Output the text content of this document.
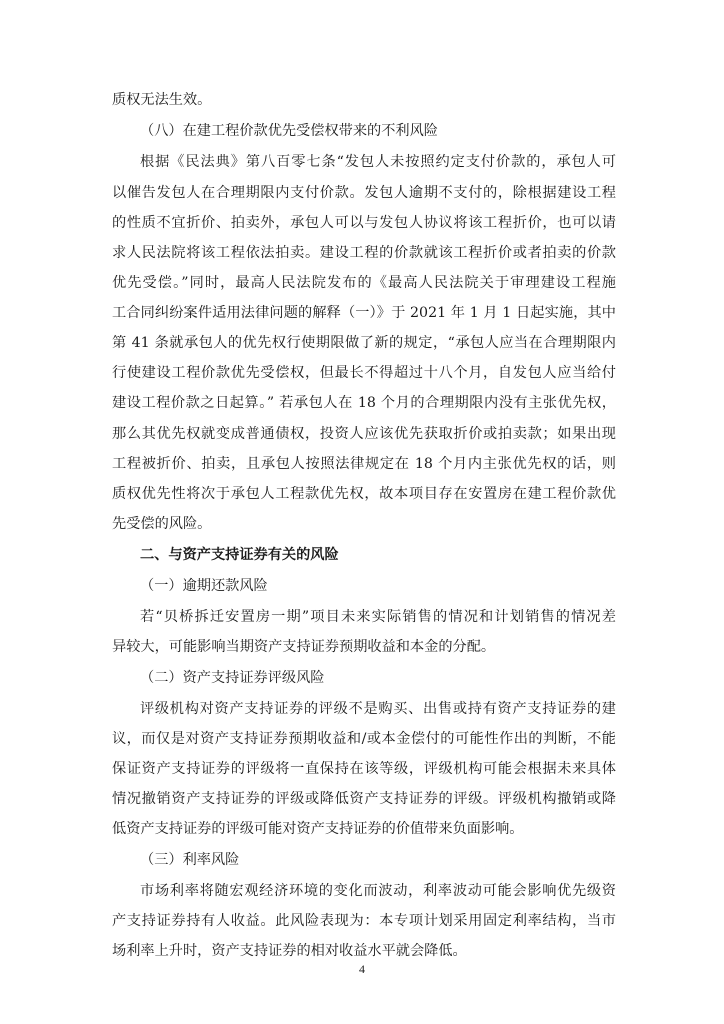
质权无法生效。
（八）在建工程价款优先受偿权带来的不利风险
根据《民法典》第八百零七条“发包人未按照约定支付价款的，承包人可
以催告发包人在合理期限内支付价款。发包人逾期不支付的，除根据建设工程
的性质不宜折价、拍卖外，承包人可以与发包人协议将该工程折价，也可以请
求人民法院将该工程依法拍卖。建设工程的价款就该工程折价或者拍卖的价款
优先受偿。”同时，最高人民法院发布的《最高人民法院关于审理建设工程施
工合同纠纷案件适用法律问题的解释（一）》于 2021 年 1 月 1 日起实施，其中
第 41 条就承包人的优先权行使期限做了新的规定，“承包人应当在合理期限内
行使建设工程价款优先受偿权，但最长不得超过十八个月，自发包人应当给付
建设工程价款之日起算。” 若承包人在 18 个月的合理期限内没有主张优先权，
那么其优先权就变成普通债权，投资人应该优先获取折价或拍卖款；如果出现
工程被折价、拍卖，且承包人按照法律规定在 18 个月内主张优先权的话，则
质权优先性将次于承包人工程款优先权，故本项目存在安置房在建工程价款优
先受偿的风险。
二、与资产支持证券有关的风险
（一）逾期还款风险
若“贝桥拆迁安置房一期”项目未来实际销售的情况和计划销售的情况差
异较大，可能影响当期资产支持证券预期收益和本金的分配。
（二）资产支持证券评级风险
评级机构对资产支持证券的评级不是购买、出售或持有资产支持证券的建
议，而仅是对资产支持证券预期收益和/或本金偿付的可能性作出的判断，不能
保证资产支持证券的评级将一直保持在该等级，评级机构可能会根据未来具体
情况撤销资产支持证券的评级或降低资产支持证券的评级。评级机构撤销或降
低资产支持证券的评级可能对资产支持证券的价值带来负面影响。
（三）利率风险
市场利率将随宏观经济环境的变化而波动，利率波动可能会影响优先级资
产支持证券持有人收益。此风险表现为：本专项计划采用固定利率结构，当市
场利率上升时，资产支持证券的相对收益水平就会降低。
4
